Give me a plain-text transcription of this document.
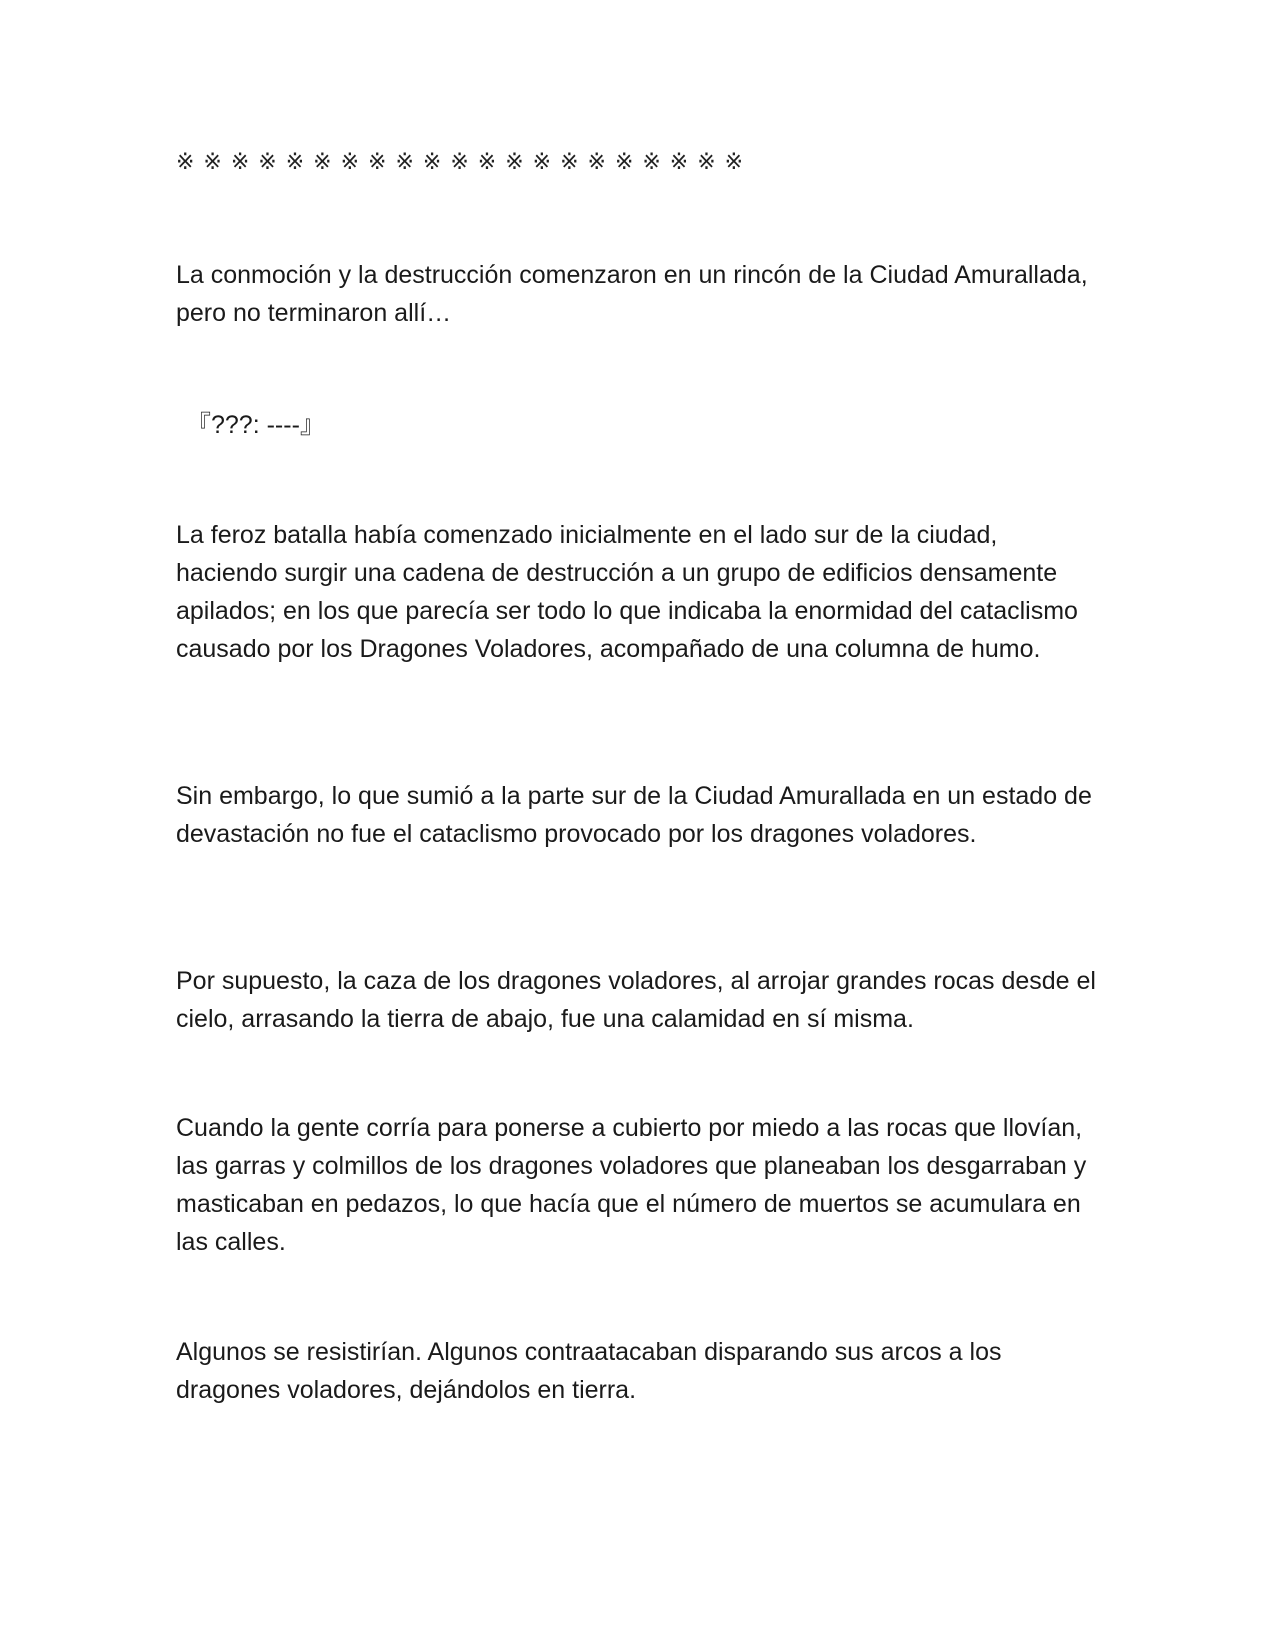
※※※※※※※※※※※※※※※※※※※※※

La conmoción y la destrucción comenzaron en un rincón de la Ciudad Amurallada, pero no terminaron allí…

『???: ----』

La feroz batalla había comenzado inicialmente en el lado sur de la ciudad, haciendo surgir una cadena de destrucción a un grupo de edificios densamente apilados; en los que parecía ser todo lo que indicaba la enormidad del cataclismo causado por los Dragones Voladores, acompañado de una columna de humo.

Sin embargo, lo que sumió a la parte sur de la Ciudad Amurallada en un estado de devastación no fue el cataclismo provocado por los dragones voladores.

Por supuesto, la caza de los dragones voladores, al arrojar grandes rocas desde el cielo, arrasando la tierra de abajo, fue una calamidad en sí misma.

Cuando la gente corría para ponerse a cubierto por miedo a las rocas que llovían, las garras y colmillos de los dragones voladores que planeaban los desgarraban y masticaban en pedazos, lo que hacía que el número de muertos se acumulara en las calles.

Algunos se resistirían. Algunos contraatacaban disparando sus arcos a los dragones voladores, dejándolos en tierra.
